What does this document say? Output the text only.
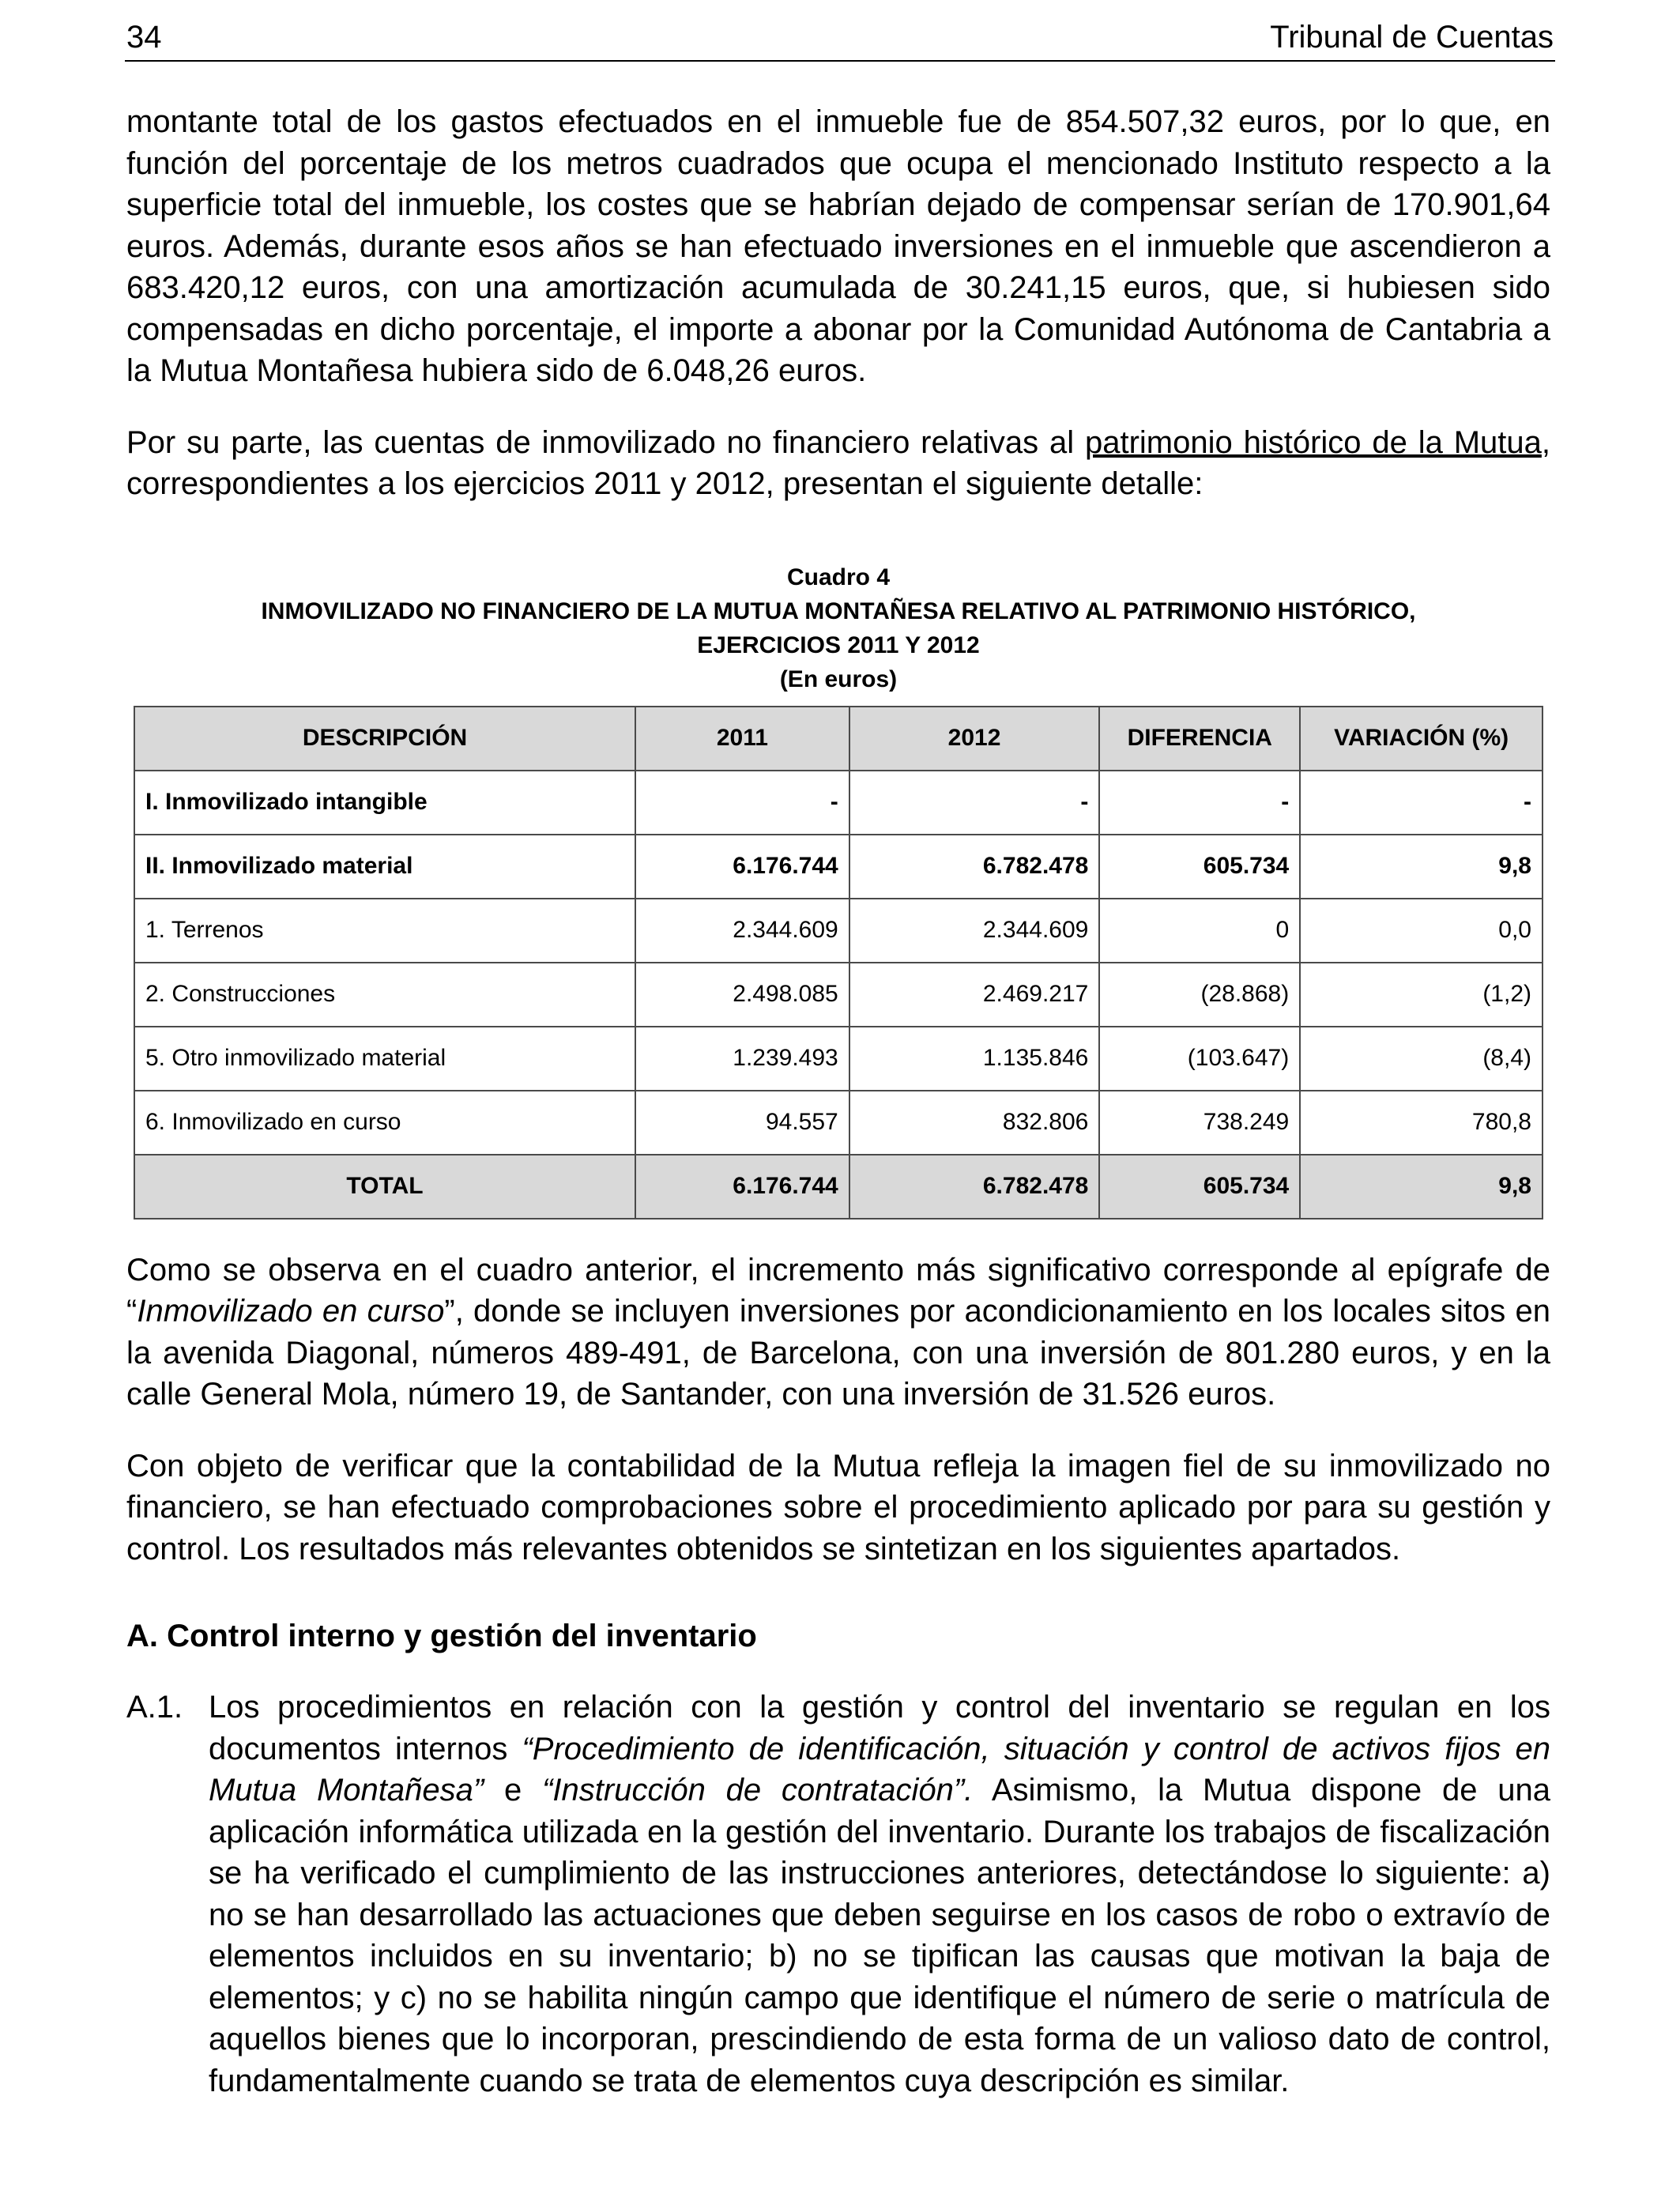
34	Tribunal de Cuentas

montante total de los gastos efectuados en el inmueble fue de 854.507,32 euros, por lo que, en función del porcentaje de los metros cuadrados que ocupa el mencionado Instituto respecto a la superficie total del inmueble, los costes que se habrían dejado de compensar serían de 170.901,64 euros. Además, durante esos años se han efectuado inversiones en el inmueble que ascendieron a 683.420,12 euros, con una amortización acumulada de 30.241,15 euros, que, si hubiesen sido compensadas en dicho porcentaje, el importe a abonar por la Comunidad Autónoma de Cantabria a la Mutua Montañesa hubiera sido de 6.048,26 euros.

Por su parte, las cuentas de inmovilizado no financiero relativas al patrimonio histórico de la Mutua, correspondientes a los ejercicios 2011 y 2012, presentan el siguiente detalle:

Cuadro 4
INMOVILIZADO NO FINANCIERO DE LA MUTUA MONTAÑESA RELATIVO AL PATRIMONIO HISTÓRICO,
EJERCICIOS 2011 Y 2012
(En euros)
DESCRIPCIÓN	2011	2012	DIFERENCIA	VARIACIÓN (%)
I. Inmovilizado intangible	-	-	-	-
II. Inmovilizado material	6.176.744	6.782.478	605.734	9,8
1. Terrenos	2.344.609	2.344.609	0	0,0
2. Construcciones	2.498.085	2.469.217	(28.868)	(1,2)
5. Otro inmovilizado material	1.239.493	1.135.846	(103.647)	(8,4)
6. Inmovilizado en curso	94.557	832.806	738.249	780,8
TOTAL	6.176.744	6.782.478	605.734	9,8

Como se observa en el cuadro anterior, el incremento más significativo corresponde al epígrafe de “Inmovilizado en curso”, donde se incluyen inversiones por acondicionamiento en los locales sitos en la avenida Diagonal, números 489-491, de Barcelona, con una inversión de 801.280 euros, y en la calle General Mola, número 19, de Santander, con una inversión de 31.526 euros.

Con objeto de verificar que la contabilidad de la Mutua refleja la imagen fiel de su inmovilizado no financiero, se han efectuado comprobaciones sobre el procedimiento aplicado por para su gestión y control. Los resultados más relevantes obtenidos se sintetizan en los siguientes apartados.

A. Control interno y gestión del inventario
A.1. Los procedimientos en relación con la gestión y control del inventario se regulan en los documentos internos “Procedimiento de identificación, situación y control de activos fijos en Mutua Montañesa” e “Instrucción de contratación”. Asimismo, la Mutua dispone de una aplicación informática utilizada en la gestión del inventario. Durante los trabajos de fiscalización se ha verificado el cumplimiento de las instrucciones anteriores, detectándose lo siguiente: a) no se han desarrollado las actuaciones que deben seguirse en los casos de robo o extravío de elementos incluidos en su inventario; b) no se tipifican las causas que motivan la baja de elementos; y c) no se habilita ningún campo que identifique el número de serie o matrícula de aquellos bienes que lo incorporan, prescindiendo de esta forma de un valioso dato de control, fundamentalmente cuando se trata de elementos cuya descripción es similar.
